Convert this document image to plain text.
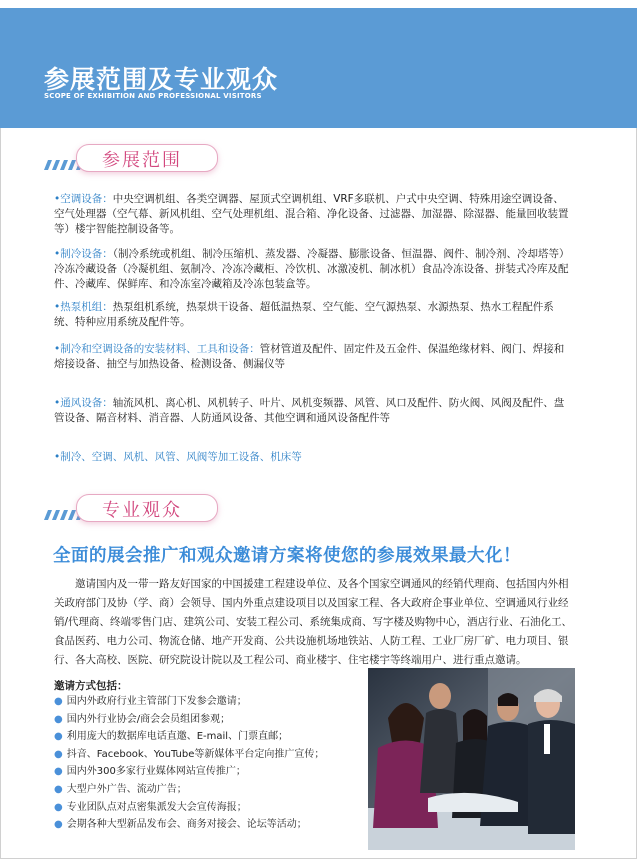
参展范围及专业观众
SCOPE OF EXHIBITION AND PROFESSIONAL VISITORS
参展范围
•空调设备：中央空调机组、各类空调器、屋顶式空调机组、VRF多联机、户式中央空调、特殊用途空调设备、空气处理器（空气幕、新风机组、空气处理机组、混合箱、净化设备、过滤器、加湿器、除湿器、能量回收装置等）楼宇智能控制设备等。
•制冷设备：（制冷系统或机组、制冷压缩机、蒸发器、冷凝器、膨胀设备、恒温器、阀件、制冷剂、冷却塔等）冷冻冷藏设备（冷凝机组、氨制冷、冷冻冷藏柜、冷饮机、冰激凌机、制冰机）食品冷冻设备、拼装式冷库及配件、冷藏库、保鲜库、和冷冻室冷藏箱及冷冻包装盒等。
•热泵机组：热泵组机系统，热泵烘干设备、超低温热泵、空气能、空气源热泵、水源热泵、热水工程配件系统、特种应用系统及配件等。
•制冷和空调设备的安装材料、工具和设备：管材管道及配件、固定件及五金件、保温绝缘材料、阀门、焊接和熔接设备、抽空与加热设备、检测设备、侧漏仪等
•通风设备：轴流风机、离心机、风机转子、叶片、风机变频器、风管、风口及配件、防火阀、风阀及配件、盘管设备、隔音材料、消音器、人防通风设备、其他空调和通风设备配件等
•制冷、空调、风机、风管、风阀等加工设备、机床等
专业观众
全面的展会推广和观众邀请方案将使您的参展效果最大化！
邀请国内及一带一路友好国家的中国援建工程建设单位、及各个国家空调通风的经销代理商、包括国内外相关政府部门及协（学、商）会领导、国内外重点建设项目以及国家工程、各大政府企事业单位、空调通风行业经销/代理商、终端零售门店、建筑公司、安装工程公司、系统集成商、写字楼及购物中心，酒店行业、石油化工、食品医药、电力公司、物流仓储、地产开发商、公共设施机场地铁站、人防工程、工业厂房厂矿、电力项目、银行、各大高校、医院、研究院设计院以及工程公司、商业楼宇、住宅楼宇等终端用户、进行重点邀请。
邀请方式包括：
● 国内外政府行业主管部门下发参会邀请；
● 国内外行业协会/商会会员组团参观；
● 利用庞大的数据库电话直邀、E-mail、门票直邮；
● 抖音、Facebook、YouTube等新媒体平台定向推广宣传；
● 国内外300多家行业媒体网站宣传推广；
● 大型户外广告、流动广告；
● 专业团队点对点密集派发大会宣传海报；
● 会期各种大型新品发布会、商务对接会、论坛等活动；
